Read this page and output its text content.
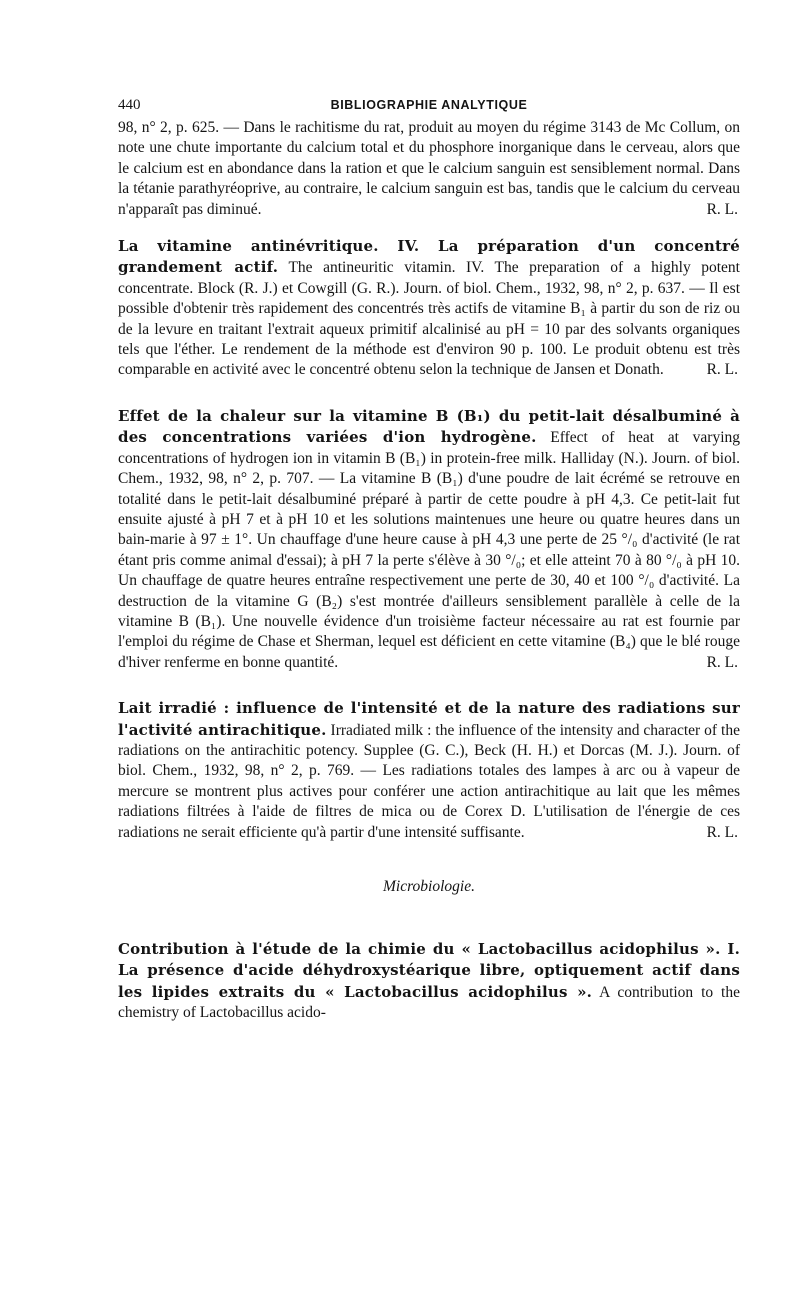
440	BIBLIOGRAPHIE ANALYTIQUE

98, n° 2, p. 625. — Dans le rachitisme du rat, produit au moyen du régime 3143 de Mc Collum, on note une chute importante du calcium total et du phosphore inorganique dans le cerveau, alors que le calcium est en abondance dans la ration et que le calcium sanguin est sensiblement normal. Dans la tétanie parathyréoprive, au contraire, le calcium sanguin est bas, tandis que le calcium du cerveau n'apparaît pas diminué.	R. L.

La vitamine antinévritique. IV. La préparation d'un concentré grandement actif. The antineuritic vitamin. IV. The preparation of a highly potent concentrate. Block (R. J.) et Cowgill (G. R.). Journ. of biol. Chem., 1932, 98, n° 2, p. 637. — Il est possible d'obtenir très rapidement des concentrés très actifs de vitamine B₁ à partir du son de riz ou de la levure en traitant l'extrait aqueux primitif alcalinisé au pH = 10 par des solvants organiques tels que l'éther. Le rendement de la méthode est d'environ 90 p. 100. Le produit obtenu est très comparable en activité avec le concentré obtenu selon la technique de Jansen et Donath.	R. L.

Effet de la chaleur sur la vitamine B (B₁) du petit-lait désalbuminé à des concentrations variées d'ion hydrogène. Effect of heat at varying concentrations of hydrogen ion in vitamin B (B₁) in protein-free milk. Halliday (N.). Journ. of biol. Chem., 1932, 98, n° 2, p. 707. — La vitamine B (B₁) d'une poudre de lait écrémé se retrouve en totalité dans le petit-lait désalbuminé préparé à partir de cette poudre à pH 4,3. Ce petit-lait fut ensuite ajusté à pH 7 et à pH 10 et les solutions maintenues une heure ou quatre heures dans un bain-marie à 97 ± 1°. Un chauffage d'une heure cause à pH 4,3 une perte de 25 °/₀ d'activité (le rat étant pris comme animal d'essai); à pH 7 la perte s'élève à 30 °/₀; et elle atteint 70 à 80 °/₀ à pH 10. Un chauffage de quatre heures entraîne respectivement une perte de 30, 40 et 100 °/₀ d'activité. La destruction de la vitamine G (B₂) s'est montrée d'ailleurs sensiblement parallèle à celle de la vitamine B (B₁). Une nouvelle évidence d'un troisième facteur nécessaire au rat est fournie par l'emploi du régime de Chase et Sherman, lequel est déficient en cette vitamine (B₄) que le blé rouge d'hiver renferme en bonne quantité.	R. L.

Lait irradié : influence de l'intensité et de la nature des radiations sur l'activité antirachitique. Irradiated milk : the influence of the intensity and character of the radiations on the antirachitic potency. Supplee (G. C.), Beck (H. H.) et Dorcas (M. J.). Journ. of biol. Chem., 1932, 98, n° 2, p. 769. — Les radiations totales des lampes à arc ou à vapeur de mercure se montrent plus actives pour conférer une action antirachitique au lait que les mêmes radiations filtrées à l'aide de filtres de mica ou de Corex D. L'utilisation de l'énergie de ces radiations ne serait efficiente qu'à partir d'une intensité suffisante.	R. L.

Microbiologie.

Contribution à l'étude de la chimie du « Lactobacillus acidophilus ». I. La présence d'acide déhydroxystéarique libre, optiquement actif dans les lipides extraits du « Lactobacillus acidophilus ». A contribution to the chemistry of Lactobacillus acido-
